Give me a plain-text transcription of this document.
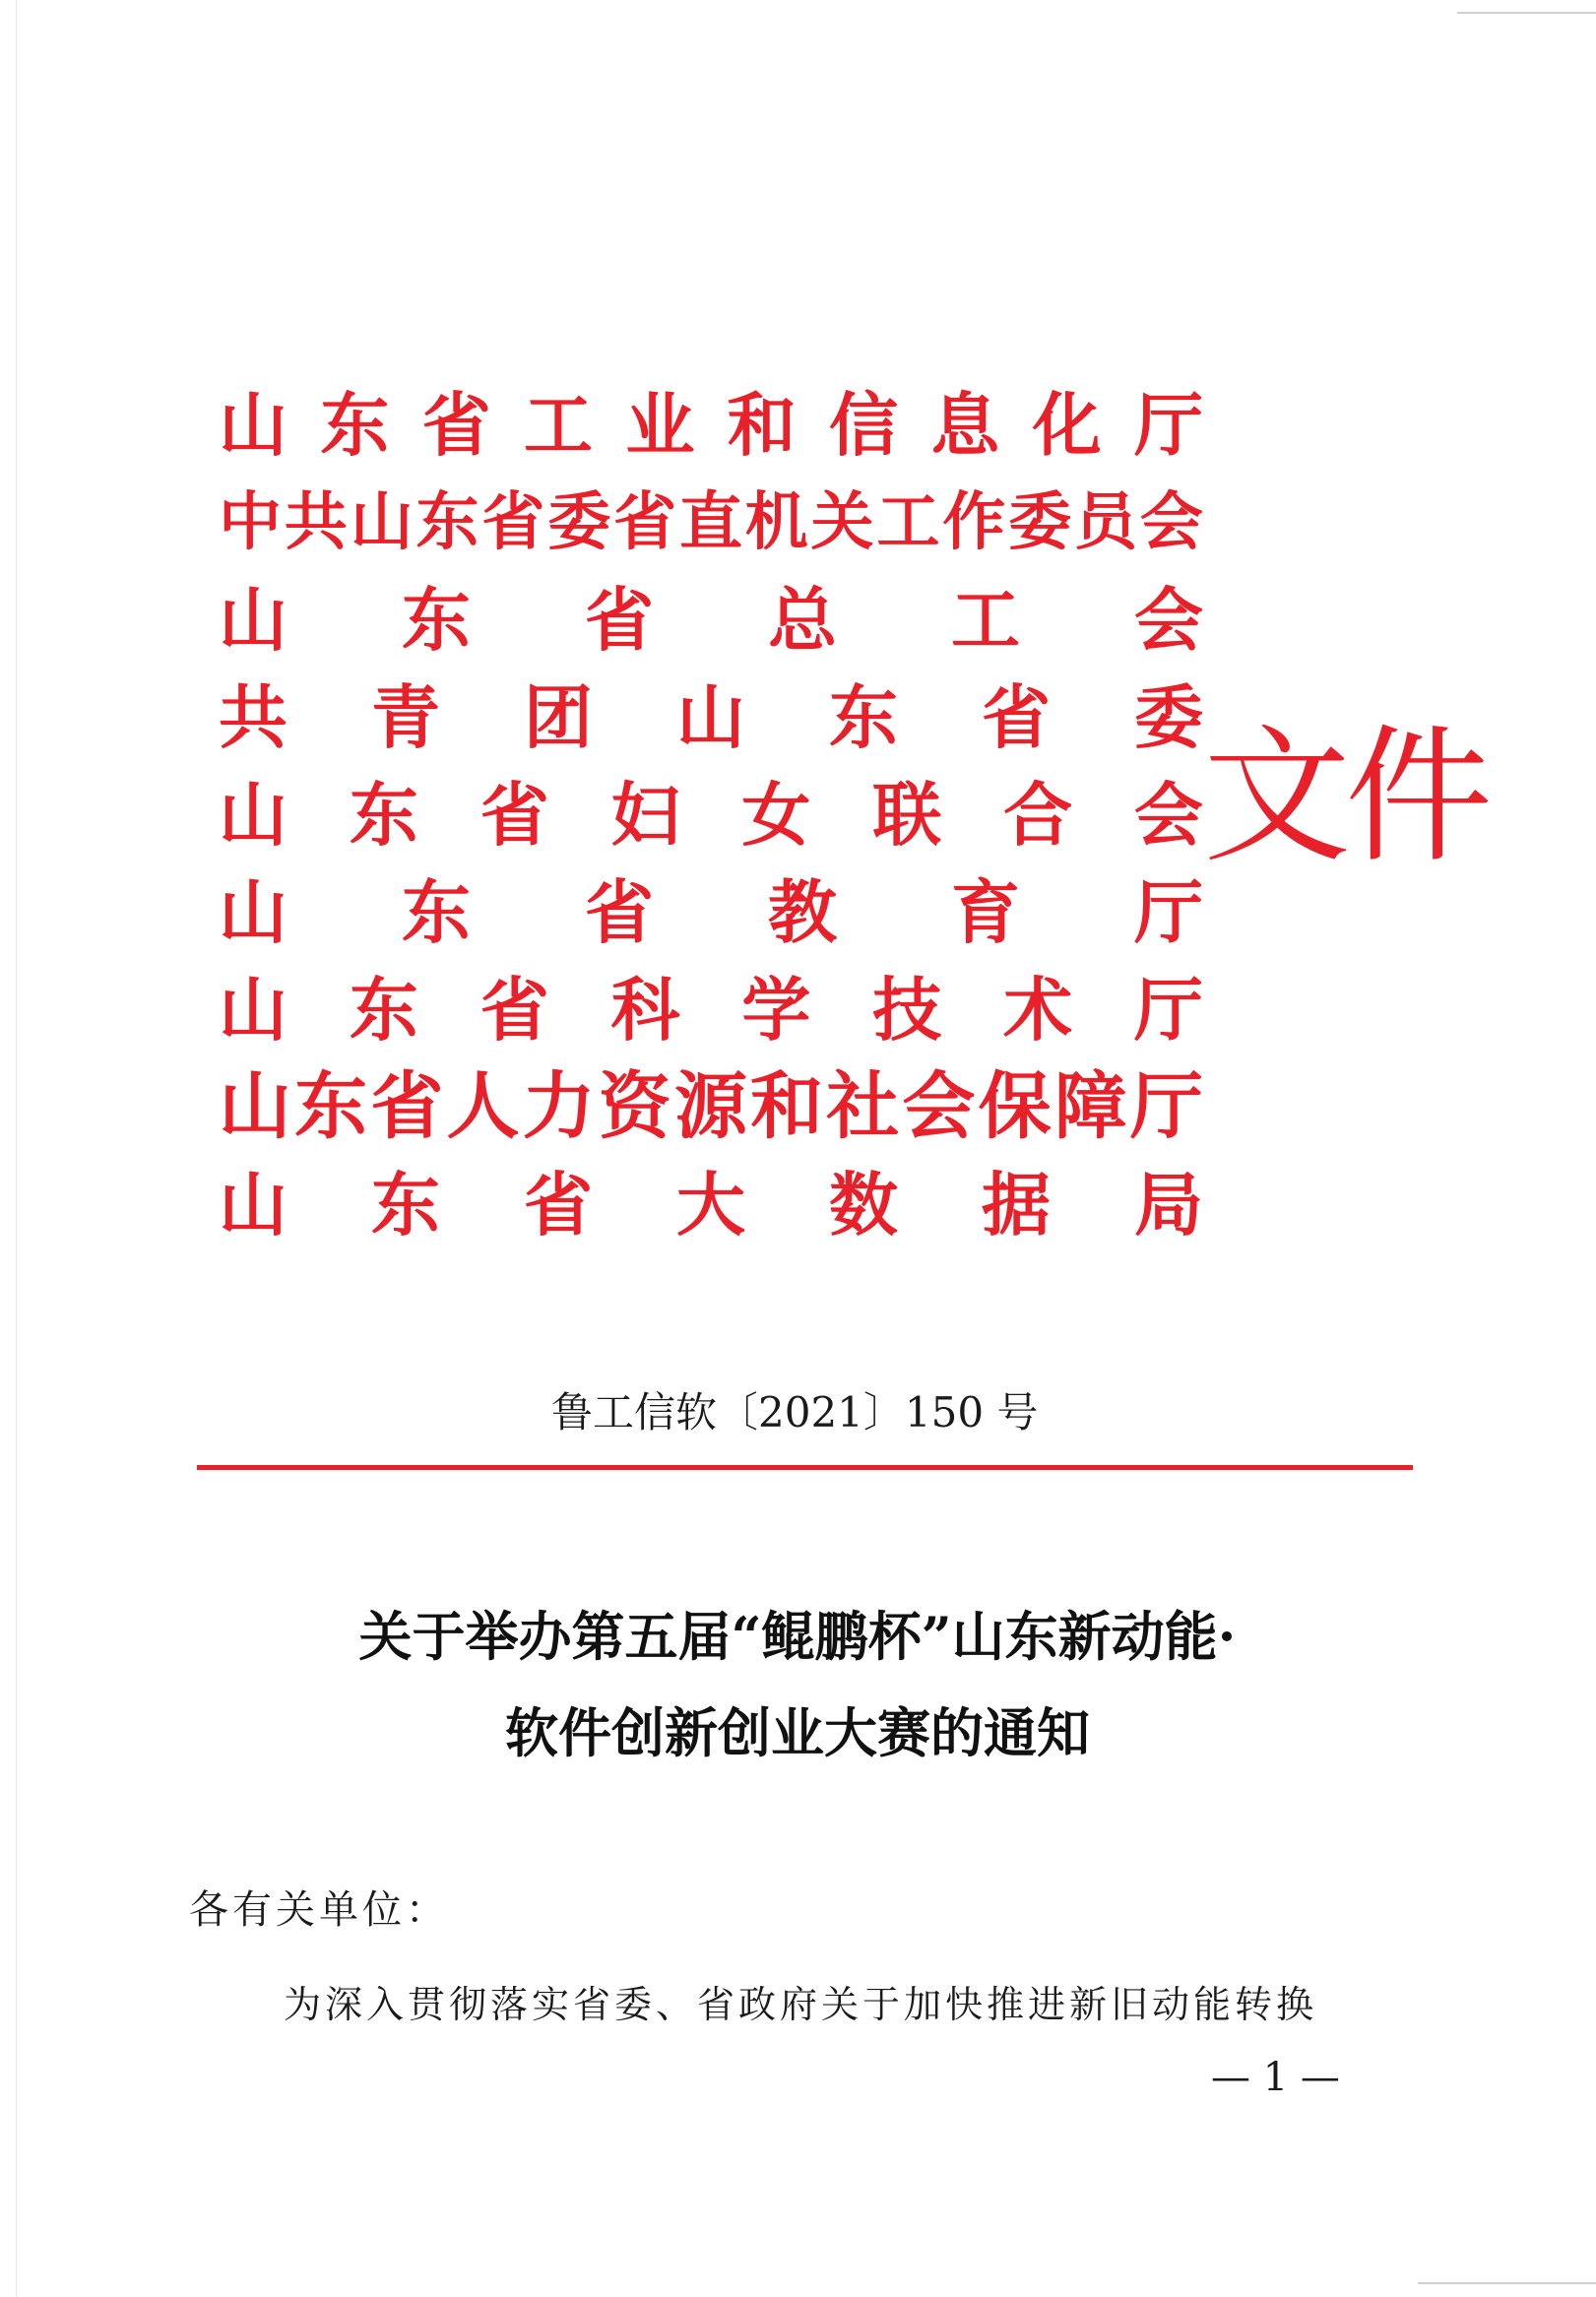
山 东 省 工 业 和 信 息 化 厅
中 共 山 东 省 委 省 直 机 关 工 作 委 员 会
山 东 省 总 工 会
共 青 团 山 东 省 委
山 东 省 妇 女 联 合 会
山 东 省 教 育 厅
山 东 省 科 学 技 术 厅
山 东 省 人 力 资 源 和 社 会 保 障 厅
山 东 省 大 数 据 局
文件
鲁工信软〔2021〕150 号
关于举办第五届“鲲鹏杯”山东新动能·
软件创新创业大赛的通知
各有关单位：
为深入贯彻落实省委、省政府关于加快推进新旧动能转换
— 1 —
